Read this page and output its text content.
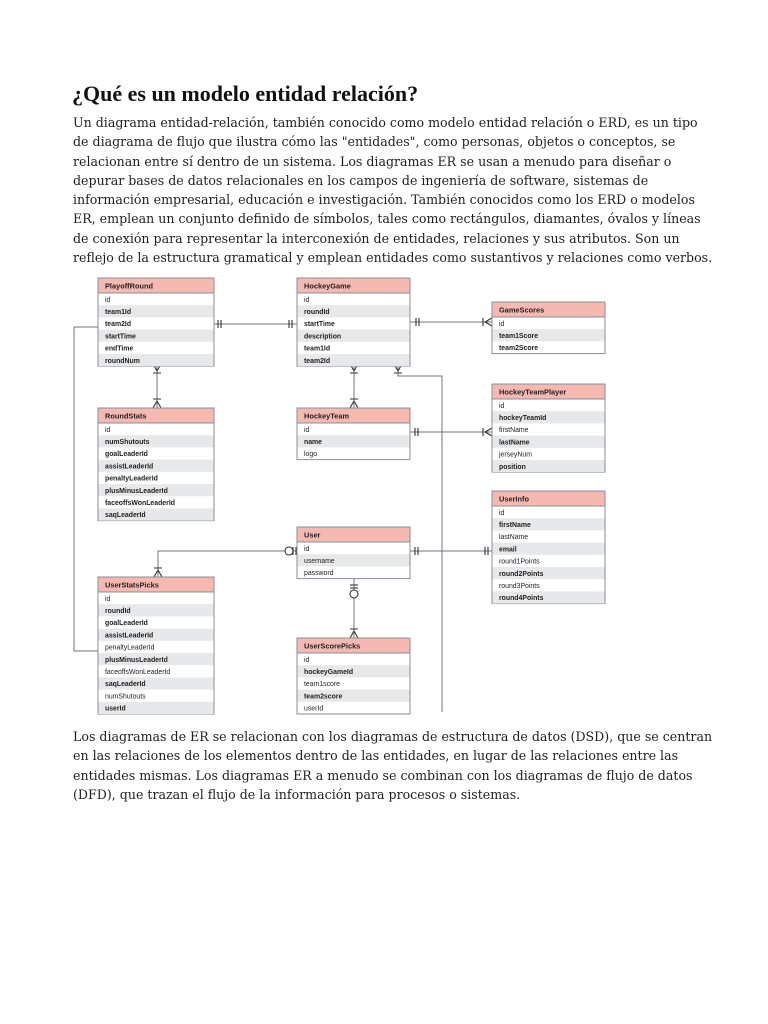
¿Qué es un modelo entidad relación?
Un diagrama entidad-relación, también conocido como modelo entidad relación o ERD, es un tipo
de diagrama de flujo que ilustra cómo las "entidades", como personas, objetos o conceptos, se
relacionan entre sí dentro de un sistema. Los diagramas ER se usan a menudo para diseñar o
depurar bases de datos relacionales en los campos de ingeniería de software, sistemas de
información empresarial, educación e investigación. También conocidos como los ERD o modelos
ER, emplean un conjunto definido de símbolos, tales como rectángulos, diamantes, óvalos y líneas
de conexión para representar la interconexión de entidades, relaciones y sus atributos. Son un
reflejo de la estructura gramatical y emplean entidades como sustantivos y relaciones como verbos.
PlayoffRound
id
team1Id
team2Id
startTime
endTime
roundNum
HockeyGame
id
roundId
startTime
description
team1Id
team2Id
GameScores
id
team1Score
team2Score
RoundStats
id
numShutouts
goalLeaderId
assistLeaderId
penaltyLeaderId
plusMinusLeaderId
faceoffsWonLeaderId
saqLeaderId
HockeyTeam
id
name
logo
HockeyTeamPlayer
id
hockeyTeamId
firstName
lastName
jerseyNum
position
UserInfo
id
firstName
lastName
email
round1Points
round2Points
round3Points
round4Points
User
id
username
password
UserStatsPicks
id
roundId
goalLeaderId
assistLeaderId
penaltyLeaderId
plusMinusLeaderId
faceoffsWonLeaderId
saqLeaderId
numShutouts
userId
UserScorePicks
id
hockeyGameId
team1score
team2score
userId
Los diagramas de ER se relacionan con los diagramas de estructura de datos (DSD), que se centran
en las relaciones de los elementos dentro de las entidades, en lugar de las relaciones entre las
entidades mismas. Los diagramas ER a menudo se combinan con los diagramas de flujo de datos
(DFD), que trazan el flujo de la información para procesos o sistemas.
